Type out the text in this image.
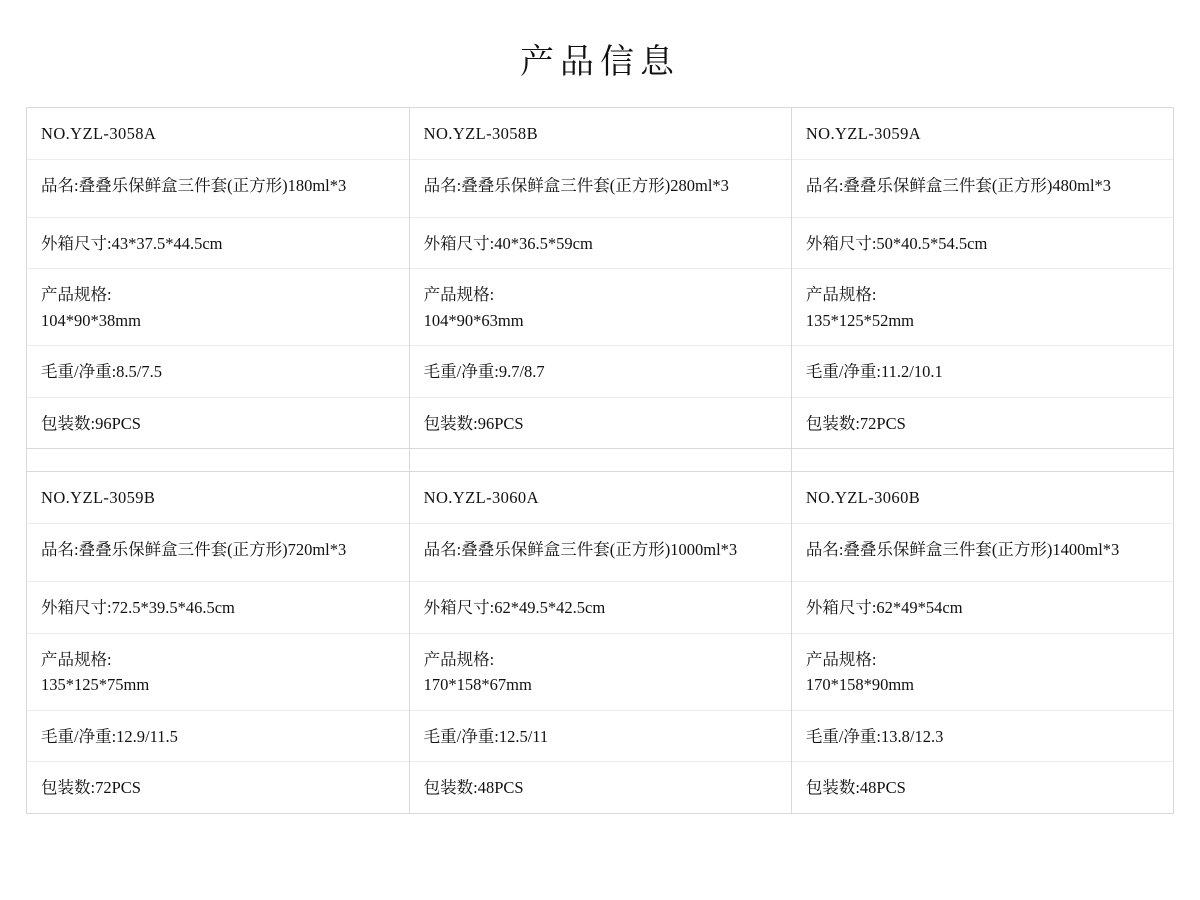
产品信息
NO.YZL-3058A
品名:叠叠乐保鲜盒三件套(正方形)180ml*3
外箱尺寸:43*37.5*44.5cm
产品规格:
104*90*38mm
毛重/净重:8.5/7.5
包装数:96PCS

NO.YZL-3058B
品名:叠叠乐保鲜盒三件套(正方形)280ml*3
外箱尺寸:40*36.5*59cm
产品规格:
104*90*63mm
毛重/净重:9.7/8.7
包装数:96PCS

NO.YZL-3059A
品名:叠叠乐保鲜盒三件套(正方形)480ml*3
外箱尺寸:50*40.5*54.5cm
产品规格:
135*125*52mm
毛重/净重:11.2/10.1
包装数:72PCS

NO.YZL-3059B
品名:叠叠乐保鲜盒三件套(正方形)720ml*3
外箱尺寸:72.5*39.5*46.5cm
产品规格:
135*125*75mm
毛重/净重:12.9/11.5
包装数:72PCS

NO.YZL-3060A
品名:叠叠乐保鲜盒三件套(正方形)1000ml*3
外箱尺寸:62*49.5*42.5cm
产品规格:
170*158*67mm
毛重/净重:12.5/11
包装数:48PCS

NO.YZL-3060B
品名:叠叠乐保鲜盒三件套(正方形)1400ml*3
外箱尺寸:62*49*54cm
产品规格:
170*158*90mm
毛重/净重:13.8/12.3
包装数:48PCS
